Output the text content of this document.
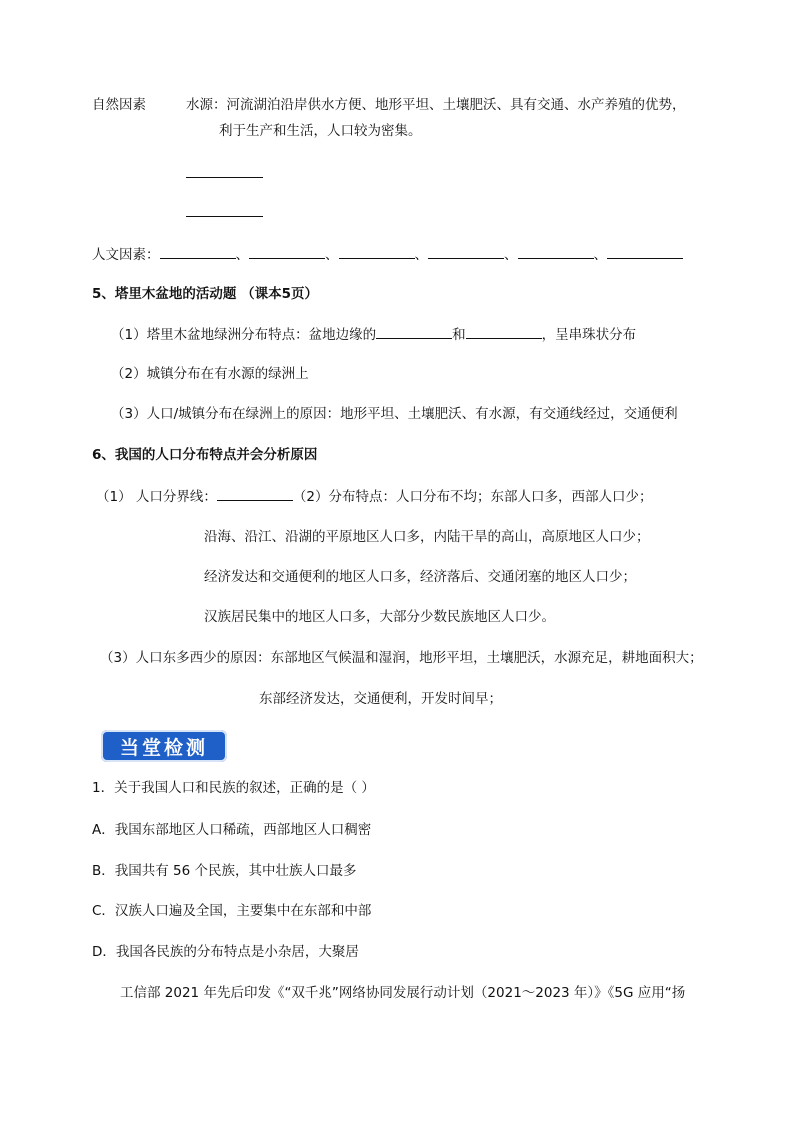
自然因素	水源：河流湖泊沿岸供水方便、地形平坦、土壤肥沃、具有交通、水产养殖的优势，
利于生产和生活，人口较为密集。
人文因素：	、	、	、	、	、
5、塔里木盆地的活动题 （课本5页）
（1）塔里木盆地绿洲分布特点：盆地边缘的	和	，呈串珠状分布
（2）城镇分布在有水源的绿洲上
（3）人口/城镇分布在绿洲上的原因：地形平坦、土壤肥沃、有水源，有交通线经过，交通便利
6、我国的人口分布特点并会分析原因
（1） 人口分界线：	（2）分布特点：人口分布不均；东部人口多，西部人口少；
沿海、沿江、沿湖的平原地区人口多，内陆干旱的高山，高原地区人口少；
经济发达和交通便利的地区人口多，经济落后、交通闭塞的地区人口少；
汉族居民集中的地区人口多，大部分少数民族地区人口少。
（3）人口东多西少的原因：东部地区气候温和湿润，地形平坦，土壤肥沃，水源充足，耕地面积大；
东部经济发达，交通便利，开发时间早；
当堂检测
1．关于我国人口和民族的叙述，正确的是（ ）
A．我国东部地区人口稀疏，西部地区人口稠密
B．我国共有 56 个民族，其中壮族人口最多
C．汉族人口遍及全国，主要集中在东部和中部
D．我国各民族的分布特点是小杂居，大聚居
工信部 2021 年先后印发《“双千兆”网络协同发展行动计划（2021～2023 年）》《5G 应用“扬
